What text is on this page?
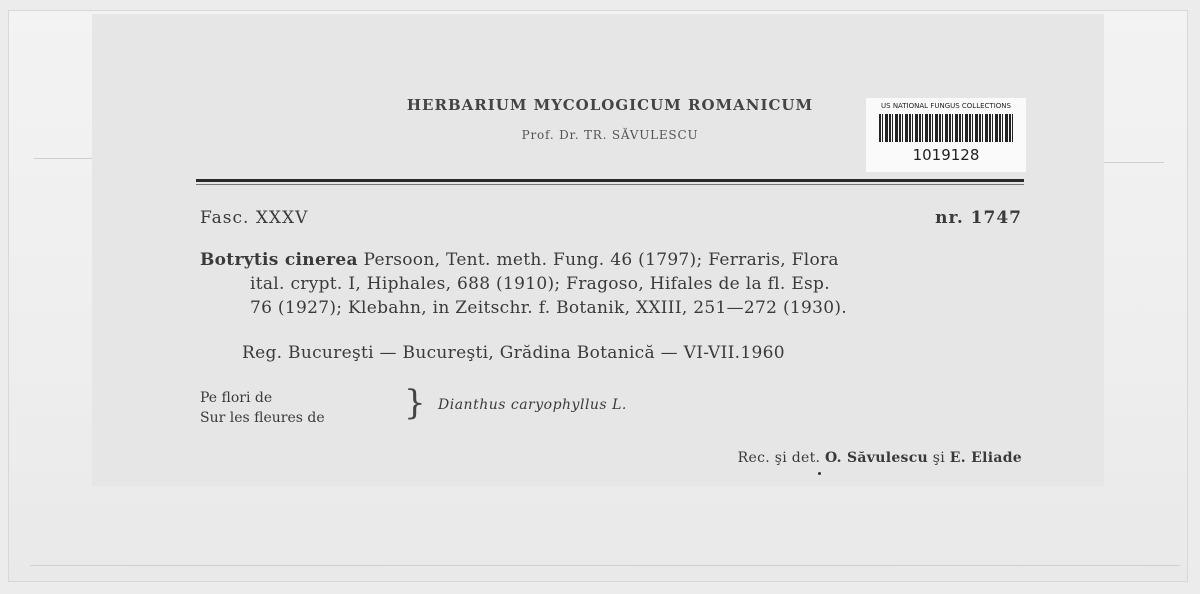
HERBARIUM MYCOLOGICUM ROMANICUM
Prof. Dr. TR. SĂVULESCU
US NATIONAL FUNGUS COLLECTIONS
1019128
Fasc. XXXV	nr. 1747
Botrytis cinerea Persoon, Tent. meth. Fung. 46 (1797); Ferraris, Flora
ital. crypt. I, Hiphales, 688 (1910); Fragoso, Hifales de la fl. Esp.
76 (1927); Klebahn, in Zeitschr. f. Botanik, XXIII, 251—272 (1930).
Reg. Bucureşti — Bucureşti, Grădina Botanică — VI-VII.1960
Pe flori de
Sur les fleures de } Dianthus caryophyllus L.
Rec. şi det. O. Săvulescu şi E. Eliade
